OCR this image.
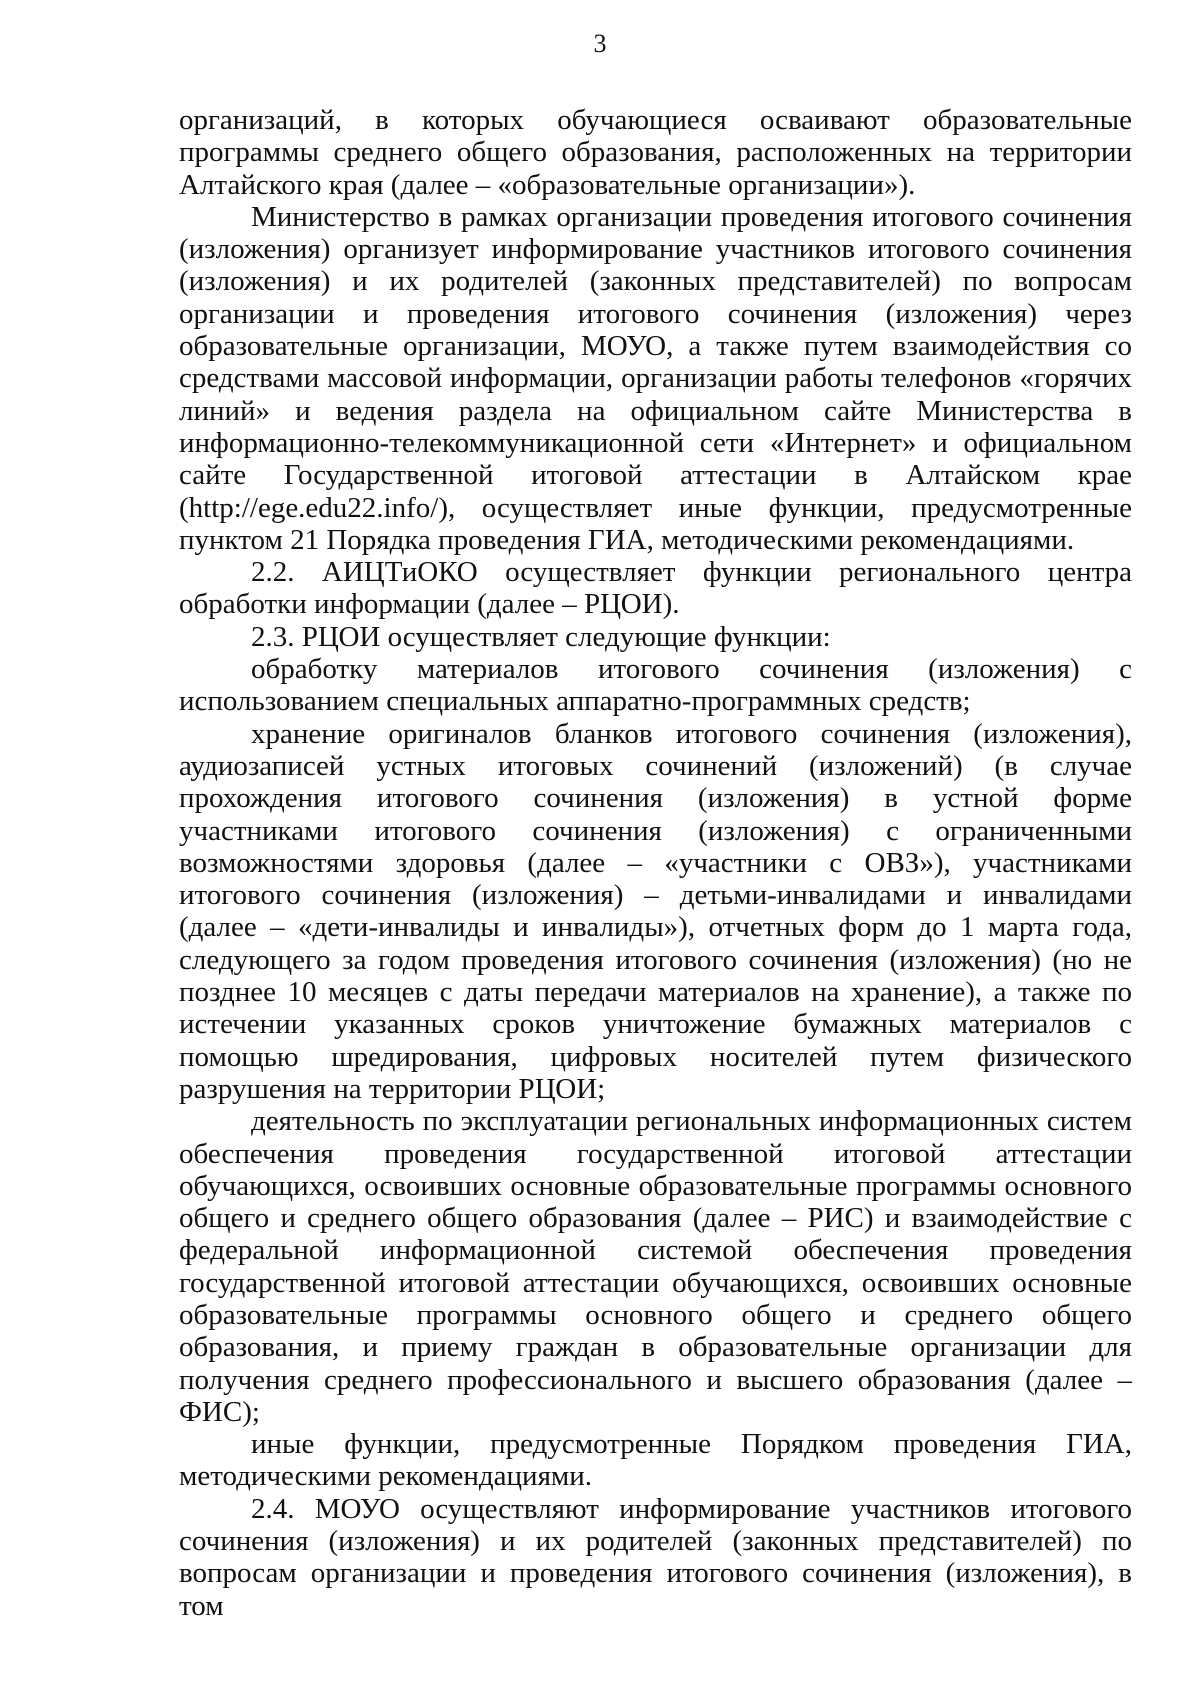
3

организаций, в которых обучающиеся осваивают образовательные программы среднего общего образования, расположенных на территории Алтайского края (далее – «образовательные организации»).

Министерство в рамках организации проведения итогового сочинения (изложения) организует информирование участников итогового сочинения (изложения) и их родителей (законных представителей) по вопросам организации и проведения итогового сочинения (изложения) через образовательные организации, МОУО, а также путем взаимодействия со средствами массовой информации, организации работы телефонов «горячих линий» и ведения раздела на официальном сайте Министерства в информационно-телекоммуникационной сети «Интернет» и официальном сайте Государственной итоговой аттестации в Алтайском крае (http://ege.edu22.info/), осуществляет иные функции, предусмотренные пунктом 21 Порядка проведения ГИА, методическими рекомендациями.

2.2. АИЦТиОКО осуществляет функции регионального центра обработки информации (далее – РЦОИ).

2.3. РЦОИ осуществляет следующие функции:

обработку материалов итогового сочинения (изложения) с использованием специальных аппаратно-программных средств;

хранение оригиналов бланков итогового сочинения (изложения), аудиозаписей устных итоговых сочинений (изложений) (в случае прохождения итогового сочинения (изложения) в устной форме участниками итогового сочинения (изложения) с ограниченными возможностями здоровья (далее – «участники с ОВЗ»), участниками итогового сочинения (изложения) – детьми-инвалидами и инвалидами (далее – «дети-инвалиды и инвалиды»), отчетных форм до 1 марта года, следующего за годом проведения итогового сочинения (изложения) (но не позднее 10 месяцев с даты передачи материалов на хранение), а также по истечении указанных сроков уничтожение бумажных материалов с помощью шредирования, цифровых носителей путем физического разрушения на территории РЦОИ;

деятельность по эксплуатации региональных информационных систем обеспечения проведения государственной итоговой аттестации обучающихся, освоивших основные образовательные программы основного общего и среднего общего образования (далее – РИС) и взаимодействие с федеральной информационной системой обеспечения проведения государственной итоговой аттестации обучающихся, освоивших основные образовательные программы основного общего и среднего общего образования, и приему граждан в образовательные организации для получения среднего профессионального и высшего образования (далее – ФИС);

иные функции, предусмотренные Порядком проведения ГИА, методическими рекомендациями.

2.4. МОУО осуществляют информирование участников итогового сочинения (изложения) и их родителей (законных представителей) по вопросам организации и проведения итогового сочинения (изложения), в том
